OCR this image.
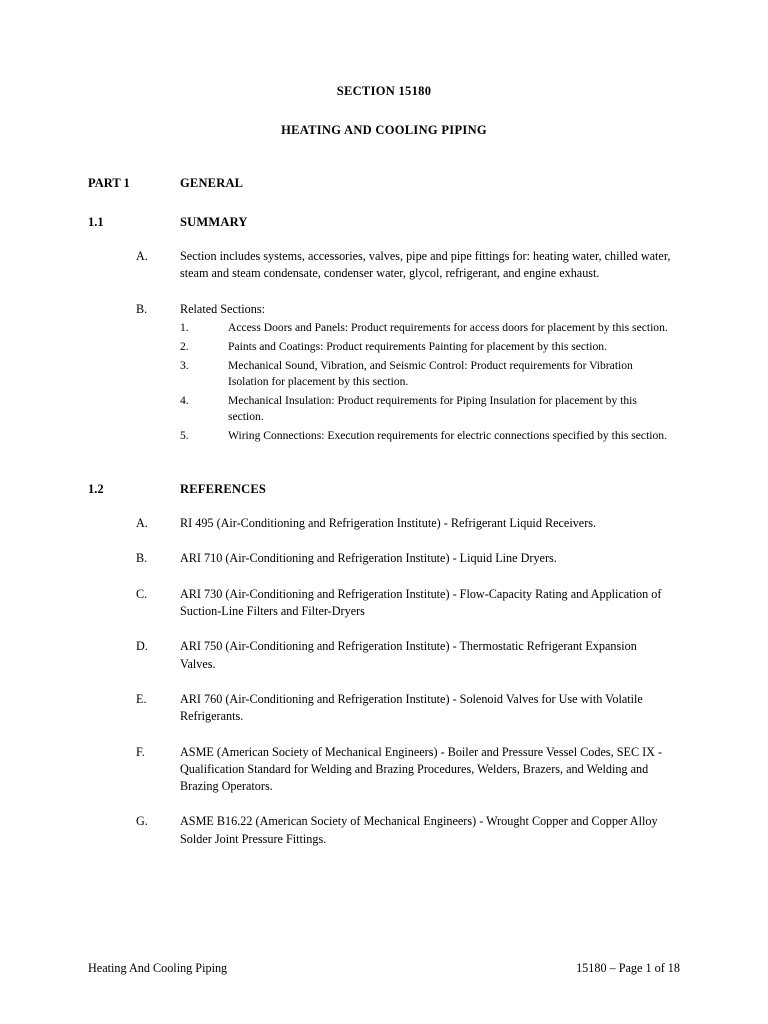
SECTION 15180
HEATING AND COOLING PIPING
PART 1	GENERAL
1.1	SUMMARY
A.	Section includes systems, accessories, valves, pipe and pipe fittings for: heating water, chilled water, steam and steam condensate, condenser water, glycol, refrigerant, and engine exhaust.
B.	Related Sections:
1.	Access Doors and Panels: Product requirements for access doors for placement by this section.
2.	Paints and Coatings: Product requirements Painting for placement by this section.
3.	Mechanical Sound, Vibration, and Seismic Control: Product requirements for Vibration Isolation for placement by this section.
4.	Mechanical Insulation: Product requirements for Piping Insulation for placement by this section.
5.	Wiring Connections: Execution requirements for electric connections specified by this section.
1.2	REFERENCES
A.	RI 495 (Air-Conditioning and Refrigeration Institute) - Refrigerant Liquid Receivers.
B.	ARI 710 (Air-Conditioning and Refrigeration Institute) - Liquid Line Dryers.
C.	ARI 730 (Air-Conditioning and Refrigeration Institute) - Flow-Capacity Rating and Application of Suction-Line Filters and Filter-Dryers
D.	ARI 750 (Air-Conditioning and Refrigeration Institute) - Thermostatic Refrigerant Expansion Valves.
E.	ARI 760 (Air-Conditioning and Refrigeration Institute) - Solenoid Valves for Use with Volatile Refrigerants.
F.	ASME (American Society of Mechanical Engineers) - Boiler and Pressure Vessel Codes, SEC IX - Qualification Standard for Welding and Brazing Procedures, Welders, Brazers, and Welding and Brazing Operators.
G.	ASME B16.22 (American Society of Mechanical Engineers) - Wrought Copper and Copper Alloy Solder Joint Pressure Fittings.
Heating And Cooling Piping	15180 – Page 1 of 18
